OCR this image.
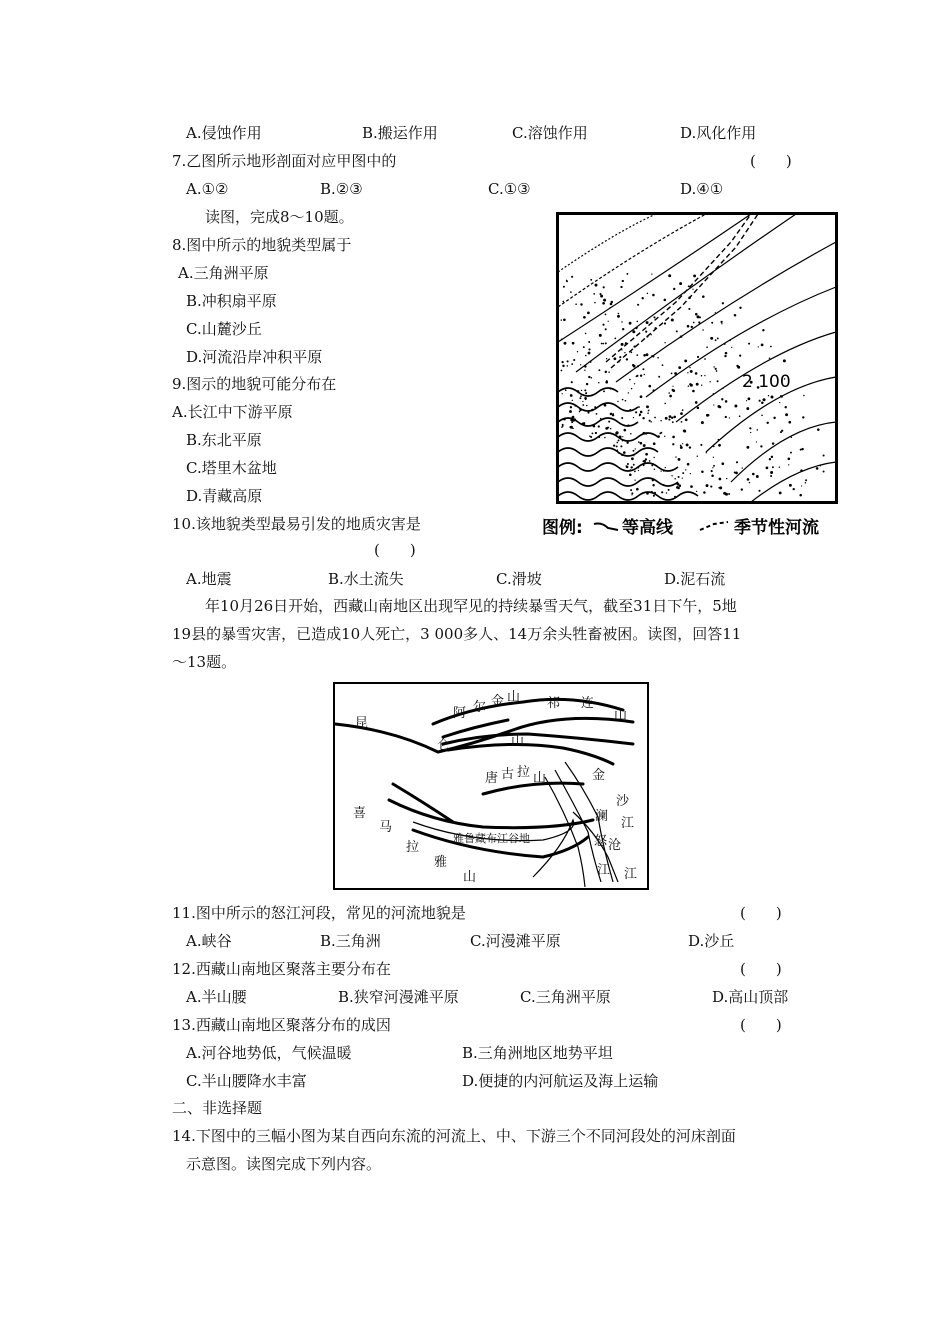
A.侵蚀作用	B.搬运作用	C.溶蚀作用	D.风化作用
7.乙图所示地形剖面对应甲图中的	(　　)
A.①②	B.②③	C.①③	D.④①
读图，完成8～10题。
8.图中所示的地貌类型属于
A.三角洲平原
B.冲积扇平原
C.山麓沙丘
D.河流沿岸冲积平原
9.图示的地貌可能分布在
A.长江中下游平原
B.东北平原
C.塔里木盆地
D.青藏高原
10.该地貌类型最易引发的地质灾害是
(　　)
A.地震	B.水土流失	C.滑坡	D.泥石流
2 100
图例: 等高线	季节性河流
年10月26日开始，西藏山南地区出现罕见的持续暴雪天气，截至31日下午，5地
19县的暴雪灾害，已造成10人死亡，3 000多人、14万余头牲畜被困。读图，回答11
～13题。
昆
阿 尔 金 山 祁 连
山
仑	山
唐 古 拉 山	金
沙
江
澜
沧
江
怒
江
喜
马
拉
雅
山
雅鲁藏布江谷地
11.图中所示的怒江河段，常见的河流地貌是	(　　)
A.峡谷	B.三角洲	C.河漫滩平原	D.沙丘
12.西藏山南地区聚落主要分布在	(　　)
A.半山腰	B.狭窄河漫滩平原	C.三角洲平原	D.高山顶部
13.西藏山南地区聚落分布的成因	(　　)
A.河谷地势低，气候温暖	B.三角洲地区地势平坦
C.半山腰降水丰富	D.便捷的内河航运及海上运输
二、非选择题
14.下图中的三幅小图为某自西向东流的河流上、中、下游三个不同河段处的河床剖面
示意图。读图完成下列内容。
